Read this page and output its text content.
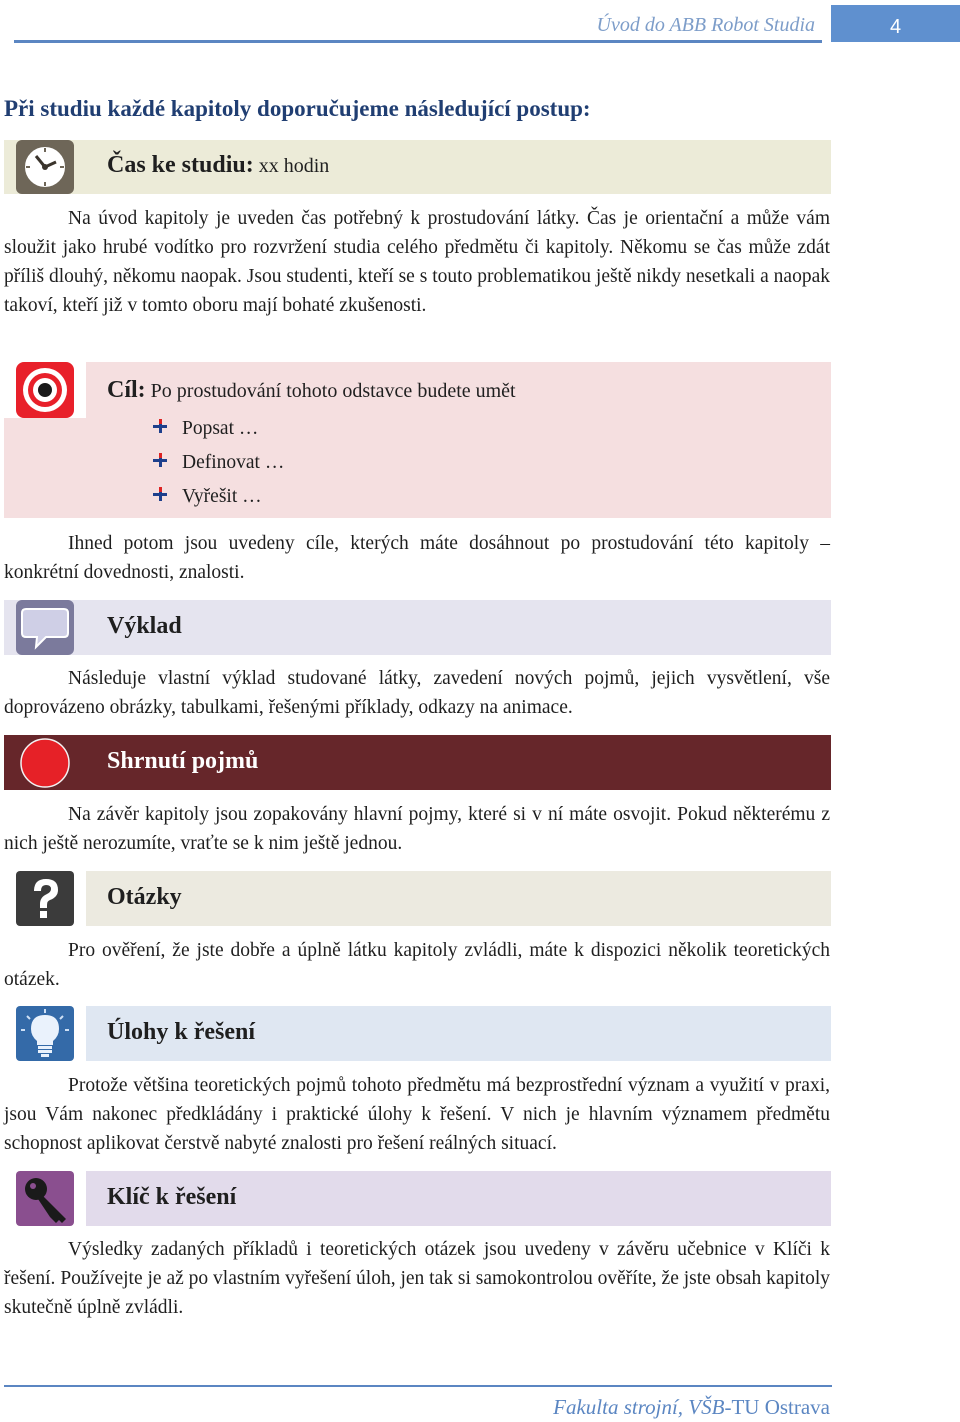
Úvod do ABB Robot Studia	4
Při studiu každé kapitoly doporučujeme následující postup:
Čas ke studiu: xx hodin
Na úvod kapitoly je uveden čas potřebný k prostudování látky. Čas je orientační a může vám sloužit jako hrubé vodítko pro rozvržení studia celého předmětu či kapitoly. Někomu se čas může zdát příliš dlouhý, někomu naopak. Jsou studenti, kteří se s touto problematikou ještě nikdy nesetkali a naopak takoví, kteří již v tomto oboru mají bohaté zkušenosti.
Cíl: Po prostudování tohoto odstavce budete umět
Popsat …
Definovat …
Vyřešit …
Ihned potom jsou uvedeny cíle, kterých máte dosáhnout po prostudování této kapitoly – konkrétní dovednosti, znalosti.
Výklad
Následuje vlastní výklad studované látky, zavedení nových pojmů, jejich vysvětlení, vše doprovázeno obrázky, tabulkami, řešenými příklady, odkazy na animace.
Shrnutí pojmů
Na závěr kapitoly jsou zopakovány hlavní pojmy, které si v ní máte osvojit. Pokud některému z nich ještě nerozumíte, vraťte se k nim ještě jednou.
Otázky
Pro ověření, že jste dobře a úplně látku kapitoly zvládli, máte k dispozici několik teoretických otázek.
Úlohy k řešení
Protože většina teoretických pojmů tohoto předmětu má bezprostřední význam a využití v praxi, jsou Vám nakonec předkládány i praktické úlohy k řešení. V nich je hlavním významem předmětu schopnost aplikovat čerstvě nabyté znalosti pro řešení reálných situací.
Klíč k řešení
Výsledky zadaných příkladů i teoretických otázek jsou uvedeny v závěru učebnice v Klíči k řešení. Používejte je až po vlastním vyřešení úloh, jen tak si samokontrolou ověříte, že jste obsah kapitoly skutečně úplně zvládli.
Fakulta strojní, VŠB-TU Ostrava
